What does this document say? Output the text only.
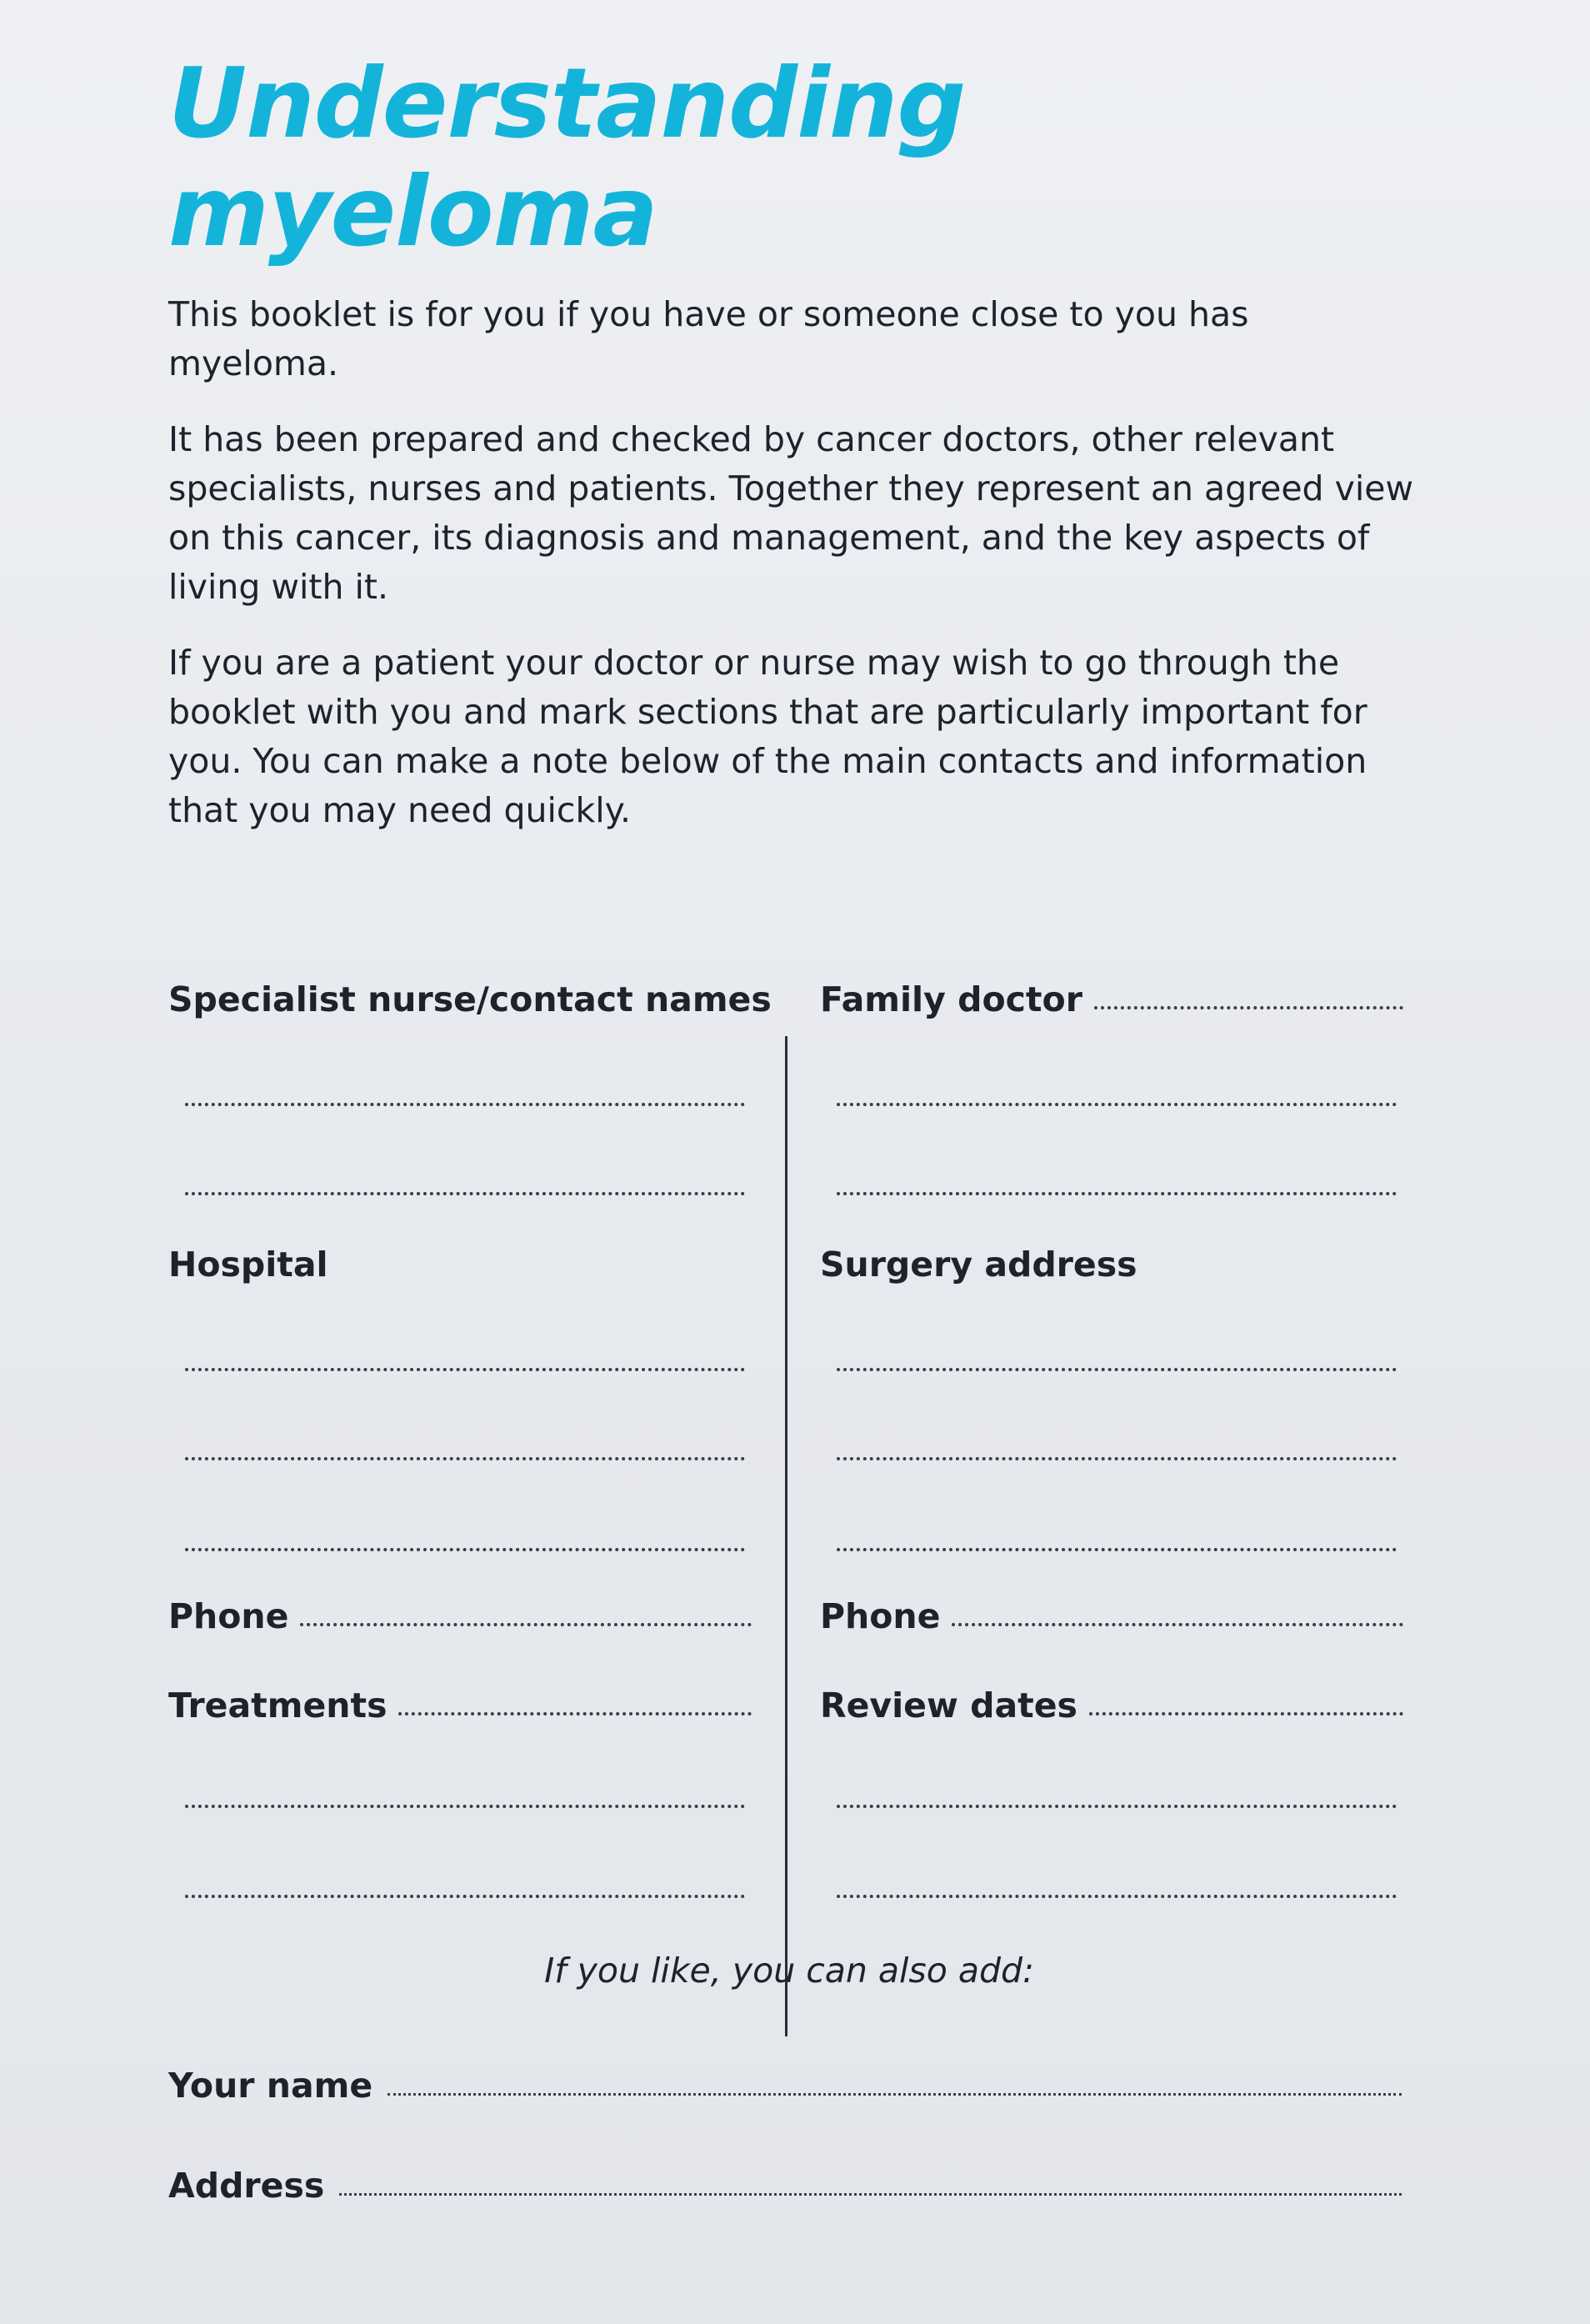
Understanding
myeloma

This booklet is for you if you have or someone close to you has myeloma.

It has been prepared and checked by cancer doctors, other relevant specialists, nurses and patients. Together they represent an agreed view on this cancer, its diagnosis and management, and the key aspects of living with it.

If you are a patient your doctor or nurse may wish to go through the booklet with you and mark sections that are particularly important for you. You can make a note below of the main contacts and information that you may need quickly.

Specialist nurse/contact names
Hospital
Phone
Treatments
Family doctor
Surgery address
Phone
Review dates
If you like, you can also add:
Your name
Address
